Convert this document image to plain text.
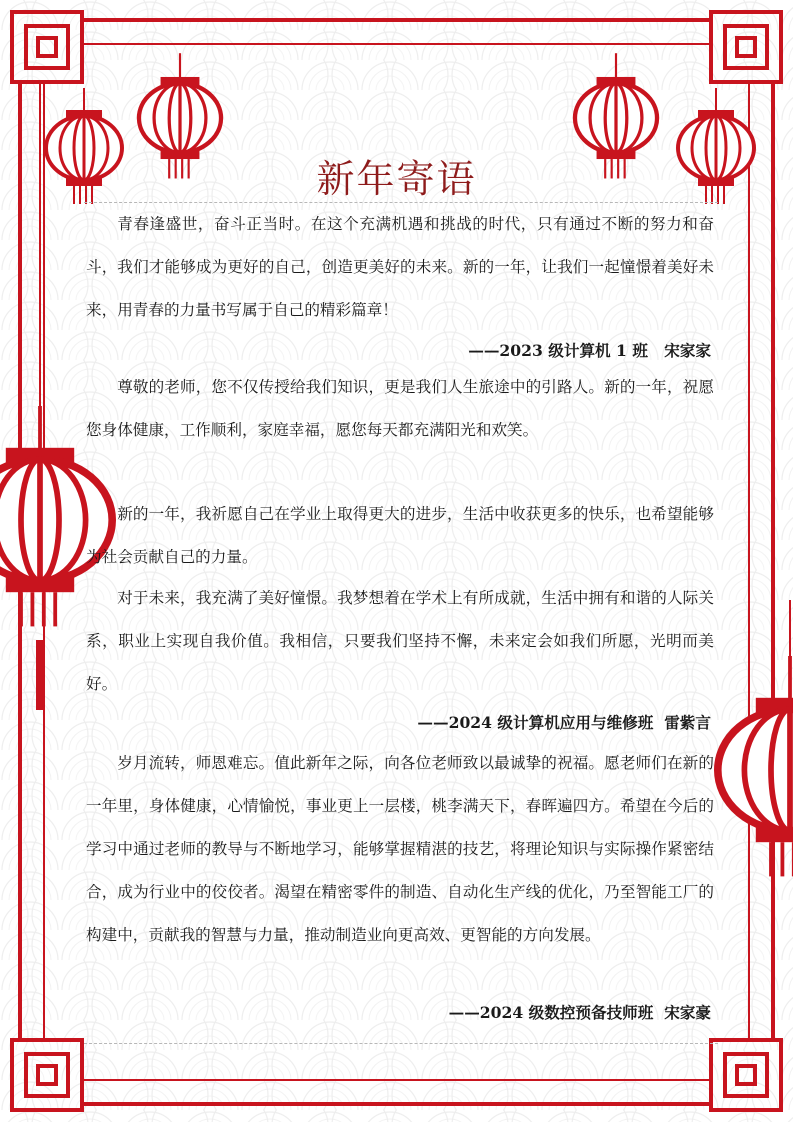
新年寄语

青春逢盛世，奋斗正当时。在这个充满机遇和挑战的时代，只有通过不断的努力和奋斗，我们才能够成为更好的自己，创造更美好的未来。新的一年，让我们一起憧憬着美好未来，用青春的力量书写属于自己的精彩篇章！

——2023 级计算机 1 班   宋家家

尊敬的老师，您不仅传授给我们知识，更是我们人生旅途中的引路人。新的一年，祝愿您身体健康，工作顺利，家庭幸福，愿您每天都充满阳光和欢笑。

新的一年，我祈愿自己在学业上取得更大的进步，生活中收获更多的快乐，也希望能够为社会贡献自己的力量。

对于未来，我充满了美好憧憬。我梦想着在学术上有所成就，生活中拥有和谐的人际关系，职业上实现自我价值。我相信，只要我们坚持不懈，未来定会如我们所愿，光明而美好。

——2024 级计算机应用与维修班  雷紫言

岁月流转，师恩难忘。值此新年之际，向各位老师致以最诚挚的祝福。愿老师们在新的一年里，身体健康，心情愉悦，事业更上一层楼，桃李满天下，春晖遍四方。希望在今后的学习中通过老师的教导与不断地学习，能够掌握精湛的技艺，将理论知识与实际操作紧密结合，成为行业中的佼佼者。渴望在精密零件的制造、自动化生产线的优化，乃至智能工厂的构建中，贡献我的智慧与力量，推动制造业向更高效、更智能的方向发展。

——2024 级数控预备技师班  宋家豪
